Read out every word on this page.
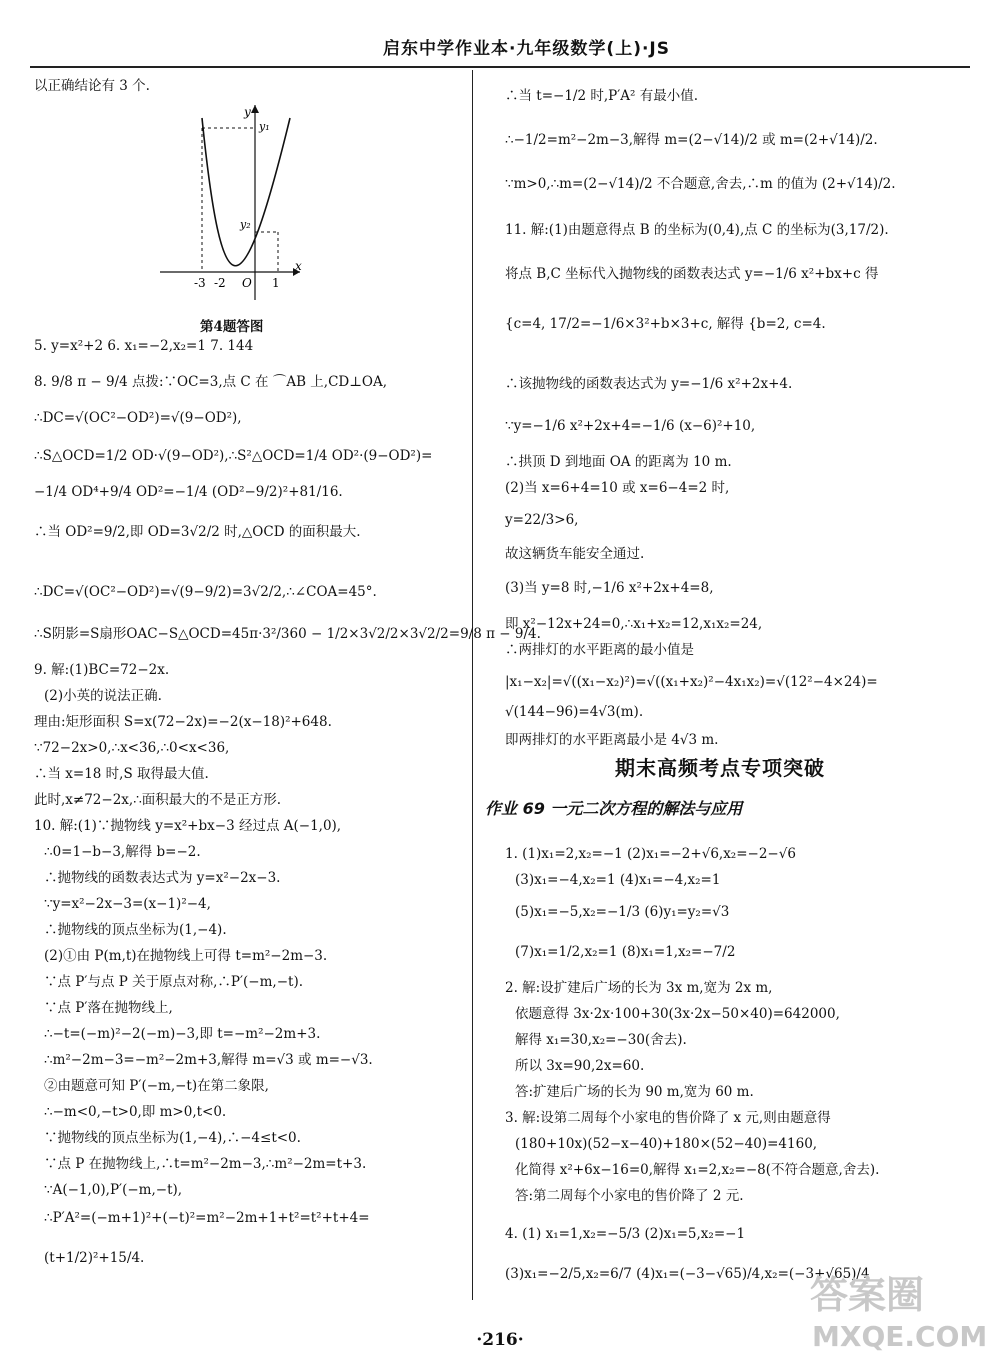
启东中学作业本·九年级数学(上)·JS
以正确结论有 3 个.
y
y₁
y₂
x
O
-3 -2	1
第4题答图
5. y=x²+2 6. x₁=−2,x₂=1 7. 144
8. 9/8 π − 9/4 点拨:∵OC=3,点 C 在 ⌒AB 上,CD⊥OA,
∴DC=√(OC²−OD²)=√(9−OD²),
∴S△OCD=1/2 OD·√(9−OD²),∴S²△OCD=1/4 OD²·(9−OD²)=
−1/4 OD⁴+9/4 OD²=−1/4 (OD²−9/2)²+81/16.
∴当 OD²=9/2,即 OD=3√2/2 时,△OCD 的面积最大.
∴DC=√(OC²−OD²)=√(9−9/2)=3√2/2,∴∠COA=45°.
∴S阴影=S扇形OAC−S△OCD=45π·3²/360 − 1/2×3√2/2×3√2/2=9/8 π − 9/4.
9. 解:(1)BC=72−2x.
(2)小英的说法正确.
理由:矩形面积 S=x(72−2x)=−2(x−18)²+648.
∵72−2x>0,∴x<36,∴0<x<36,
∴当 x=18 时,S 取得最大值.
此时,x≠72−2x,∴面积最大的不是正方形.
10. 解:(1)∵抛物线 y=x²+bx−3 经过点 A(−1,0),
∴0=1−b−3,解得 b=−2.
∴抛物线的函数表达式为 y=x²−2x−3.
∵y=x²−2x−3=(x−1)²−4,
∴抛物线的顶点坐标为(1,−4).
(2)①由 P(m,t)在抛物线上可得 t=m²−2m−3.
∵点 P′与点 P 关于原点对称,∴P′(−m,−t).
∵点 P′落在抛物线上,
∴−t=(−m)²−2(−m)−3,即 t=−m²−2m+3.
∴m²−2m−3=−m²−2m+3,解得 m=√3 或 m=−√3.
②由题意可知 P′(−m,−t)在第二象限,
∴−m<0,−t>0,即 m>0,t<0.
∵抛物线的顶点坐标为(1,−4),∴−4≤t<0.
∵点 P 在抛物线上,∴t=m²−2m−3,∴m²−2m=t+3.
∵A(−1,0),P′(−m,−t),
∴P′A²=(−m+1)²+(−t)²=m²−2m+1+t²=t²+t+4=
(t+1/2)²+15/4.
∴当 t=−1/2 时,P′A² 有最小值.
∴−1/2=m²−2m−3,解得 m=(2−√14)/2 或 m=(2+√14)/2.
∵m>0,∴m=(2−√14)/2 不合题意,舍去,∴m 的值为 (2+√14)/2.
11. 解:(1)由题意得点 B 的坐标为(0,4),点 C 的坐标为(3,17/2).
将点 B,C 坐标代入抛物线的函数表达式 y=−1/6 x²+bx+c 得
{c=4, 17/2=−1/6×3²+b×3+c, 解得 {b=2, c=4.
∴该抛物线的函数表达式为 y=−1/6 x²+2x+4.
∵y=−1/6 x²+2x+4=−1/6 (x−6)²+10,
∴拱顶 D 到地面 OA 的距离为 10 m.
(2)当 x=6+4=10 或 x=6−4=2 时,
y=22/3>6,
故这辆货车能安全通过.
(3)当 y=8 时,−1/6 x²+2x+4=8,
即 x²−12x+24=0,∴x₁+x₂=12,x₁x₂=24,
∴两排灯的水平距离的最小值是
|x₁−x₂|=√((x₁−x₂)²)=√((x₁+x₂)²−4x₁x₂)=√(12²−4×24)=
√(144−96)=4√3(m).
即两排灯的水平距离最小是 4√3 m.
期末高频考点专项突破
作业 69 一元二次方程的解法与应用
1. (1)x₁=2,x₂=−1 (2)x₁=−2+√6,x₂=−2−√6
(3)x₁=−4,x₂=1 (4)x₁=−4,x₂=1
(5)x₁=−5,x₂=−1/3 (6)y₁=y₂=√3
(7)x₁=1/2,x₂=1 (8)x₁=1,x₂=−7/2
2. 解:设扩建后广场的长为 3x m,宽为 2x m,
依题意得 3x·2x·100+30(3x·2x−50×40)=642000,
解得 x₁=30,x₂=−30(舍去).
所以 3x=90,2x=60.
答:扩建后广场的长为 90 m,宽为 60 m.
3. 解:设第二周每个小家电的售价降了 x 元,则由题意得
(180+10x)(52−x−40)+180×(52−40)=4160,
化简得 x²+6x−16=0,解得 x₁=2,x₂=−8(不符合题意,舍去).
答:第二周每个小家电的售价降了 2 元.
4. (1) x₁=1,x₂=−5/3 (2)x₁=5,x₂=−1
(3)x₁=−2/5,x₂=6/7 (4)x₁=(−3−√65)/4,x₂=(−3+√65)/4
·216·
答案圈
MXQE.COM
